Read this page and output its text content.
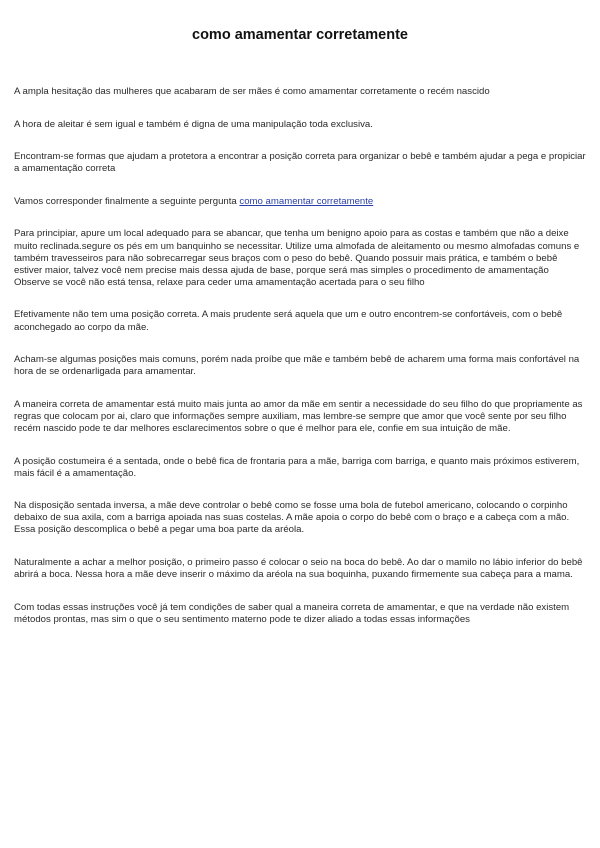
como amamentar corretamente

A ampla hesitação das mulheres que acabaram de ser mães é como amamentar corretamente o recém nascido

A hora de aleitar é sem igual e também é digna de uma manipulação toda exclusiva.

Encontram-se formas que ajudam a protetora a encontrar a posição correta para organizar o bebê e também ajudar a pega e propiciar a amamentação correta

Vamos corresponder finalmente a seguinte pergunta como amamentar corretamente

Para principiar, apure um local adequado para se abancar, que tenha um benigno apoio para as costas e também que não a deixe muito reclinada.segure os pés em um banquinho se necessitar. Utilize uma almofada de aleitamento ou mesmo almofadas comuns e também travesseiros para não sobrecarregar seus braços com o peso do bebê. Quando possuir mais prática, e também o bebê estiver maior, talvez você nem precise mais dessa ajuda de base, porque será mas simples o procedimento de amamentação Observe se você não está tensa, relaxe para ceder uma amamentação acertada para o seu filho

Efetivamente não tem uma posição correta. A mais prudente será aquela que um e outro encontrem-se confortáveis, com o bebê aconchegado ao corpo da mãe.

Acham-se algumas posições mais comuns, porém nada proíbe que mãe e também bebê de acharem uma forma mais confortável na hora de se ordenarligada para amamentar.

A maneira correta de amamentar está muito mais junta ao amor da mãe em sentir a necessidade do seu filho do que propriamente as regras que colocam por ai, claro que informações sempre auxiliam, mas lembre-se sempre que amor que você sente por seu filho recém nascido pode te dar melhores esclarecimentos sobre o que é melhor para ele, confie em sua intuição de mãe.

A posição costumeira é a sentada, onde o bebê fica de frontaria para a mãe, barriga com barriga, e quanto mais próximos estiverem, mais fácil é a amamentação.

Na disposição sentada inversa, a mãe deve controlar o bebê como se fosse uma bola de futebol americano, colocando o corpinho debaixo de sua axila, com a barriga apoiada nas suas costelas. A mãe apoia o corpo do bebê com o braço e a cabeça com a mão. Essa posição descomplica o bebê a pegar uma boa parte da aréola.

Naturalmente a achar a melhor posição, o primeiro passo é colocar o seio na boca do bebê. Ao dar o mamilo no lábio inferior do bebê abrirá a boca. Nessa hora a mãe deve inserir o máximo da aréola na sua boquinha, puxando firmemente sua cabeça para a mama.

Com todas essas instruções você já tem condições de saber qual a maneira correta de amamentar, e que na verdade não existem métodos prontas, mas sim o que o seu sentimento materno pode te dizer aliado a todas essas informações
